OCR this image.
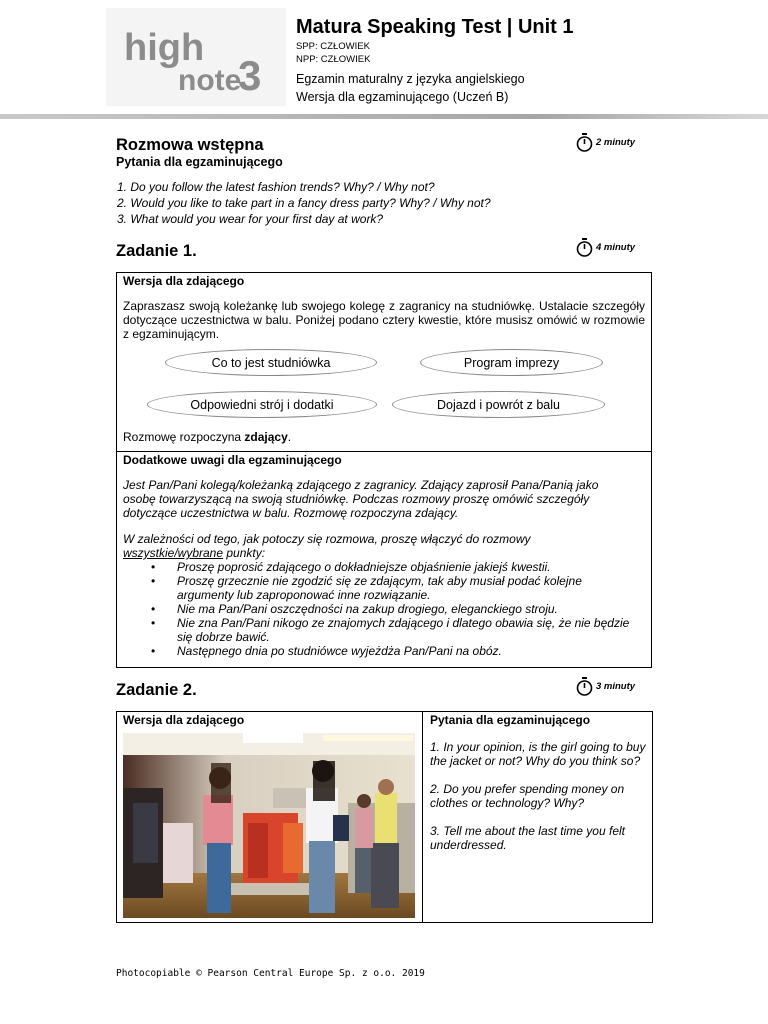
high
note
3
Matura Speaking Test | Unit 1
SPP: CZŁOWIEK
NPP: CZŁOWIEK
Egzamin maturalny z języka angielskiego
Wersja dla egzaminującego (Uczeń B)
Rozmowa wstępna	2 minuty
Pytania dla egzaminującego
1. Do you follow the latest fashion trends? Why? / Why not?
2. Would you like to take part in a fancy dress party? Why? / Why not?
3. What would you wear for your first day at work?
Zadanie 1.	4 minuty
Wersja dla zdającego
Zapraszasz swoją koleżankę lub swojego kolegę z zagranicy na studniówkę. Ustalacie szczegóły dotyczące uczestnictwa w balu. Poniżej podano cztery kwestie, które musisz omówić w rozmowie z egzaminującym.
Co to jest studniówka	Program imprezy
Odpowiedni strój i dodatki	Dojazd i powrót z balu
Rozmowę rozpoczyna zdający.
Dodatkowe uwagi dla egzaminującego
Jest Pan/Pani kolegą/koleżanką zdającego z zagranicy. Zdający zaprosił Pana/Panią jako osobę towarzyszącą na swoją studniówkę. Podczas rozmowy proszę omówić szczegóły dotyczące uczestnictwa w balu. Rozmowę rozpoczyna zdający.
W zależności od tego, jak potoczy się rozmowa, proszę włączyć do rozmowy
wszystkie/wybrane punkty:
• Proszę poprosić zdającego o dokładniejsze objaśnienie jakiejś kwestii.
• Proszę grzecznie nie zgodzić się ze zdającym, tak aby musiał podać kolejne argumenty lub zaproponować inne rozwiązanie.
• Nie ma Pan/Pani oszczędności na zakup drogiego, eleganckiego stroju.
• Nie zna Pan/Pani nikogo ze znajomych zdającego i dlatego obawia się, że nie będzie się dobrze bawić.
• Następnego dnia po studniówce wyjeżdża Pan/Pani na obóz.
Zadanie 2.	3 minuty
Wersja dla zdającego	Pytania dla egzaminującego
1. In your opinion, is the girl going to buy the jacket or not? Why do you think so?
2. Do you prefer spending money on clothes or technology? Why?
3. Tell me about the last time you felt underdressed.
Photocopiable © Pearson Central Europe Sp. z o.o. 2019
